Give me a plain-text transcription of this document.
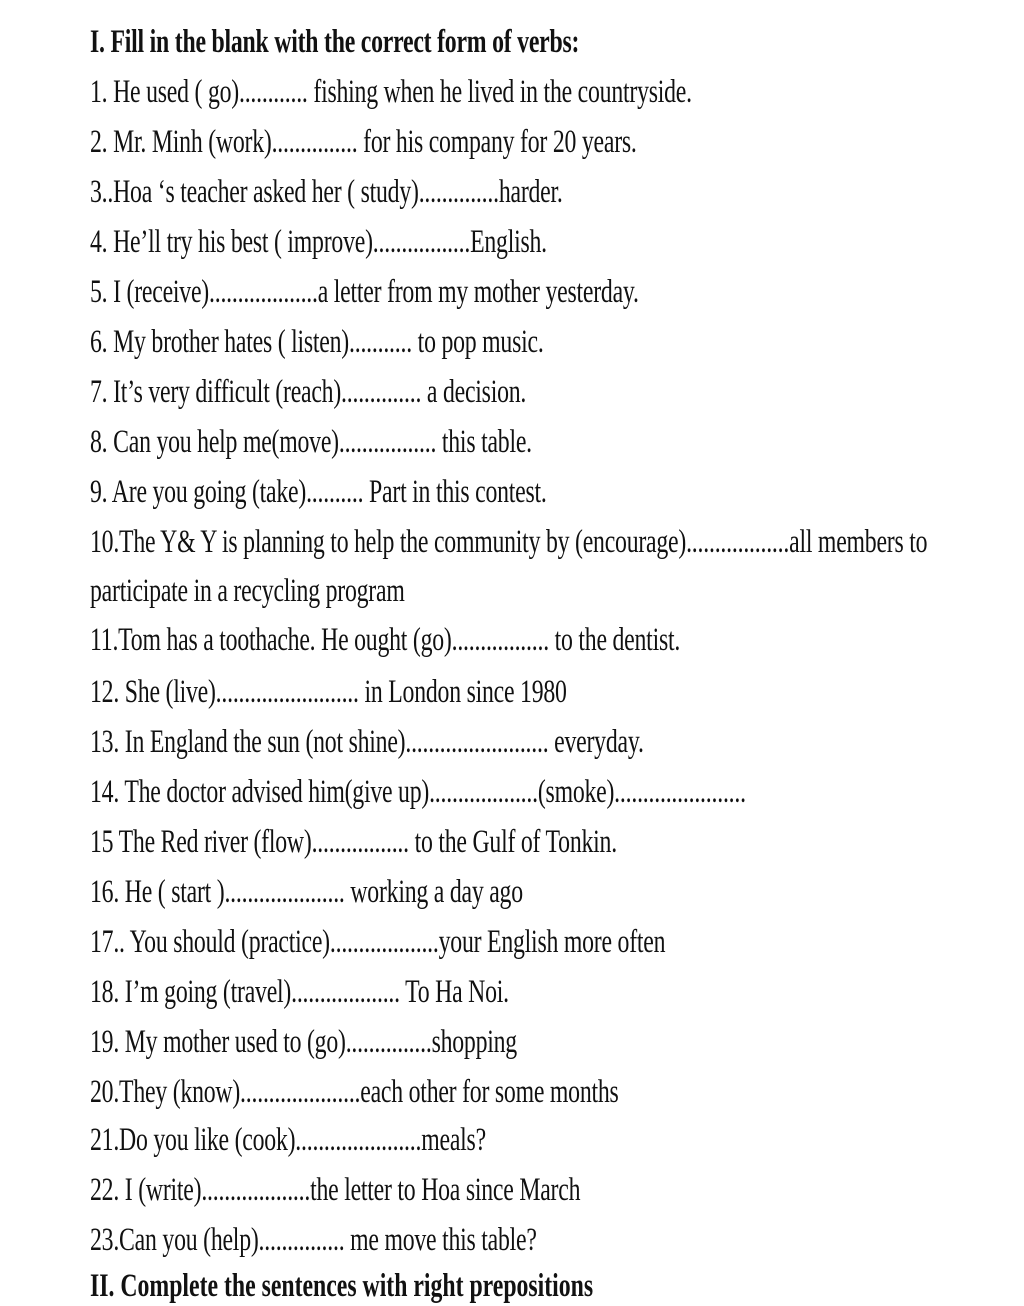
I. Fill in the blank with the correct form of verbs:
1. He used ( go)............ fishing when he lived in the countryside.
2. Mr. Minh (work)............... for his company for 20 years.
3..Hoa ‘s teacher asked her ( study)..............harder.
4. He’ll try his best ( improve).................English.
5. I (receive)...................a letter from my mother yesterday.
6. My brother hates ( listen)........... to pop music.
7. It’s very difficult (reach).............. a decision.
8. Can you help me(move)................. this table.
9. Are you going (take).......... Part in this contest.
10.The Y& Y is planning to help the community by (encourage)..................all members to
participate in a recycling program
11.Tom has a toothache. He ought (go)................. to the dentist.
12. She (live)......................... in London since 1980
13. In England the sun (not shine)......................... everyday.
14. The doctor advised him(give up)...................(smoke).......................
15 The Red river (flow)................. to the Gulf of Tonkin.
16. He ( start )..................... working a day ago
17.. You should (practice)...................your English more often
18. I’m going (travel)................... To Ha Noi.
19. My mother used to (go)...............shopping
20.They (know).....................each other for some months
21.Do you like (cook)......................meals?
22. I (write)...................the letter to Hoa since March
23.Can you (help)............... me move this table?
II. Complete the sentences with right prepositions
